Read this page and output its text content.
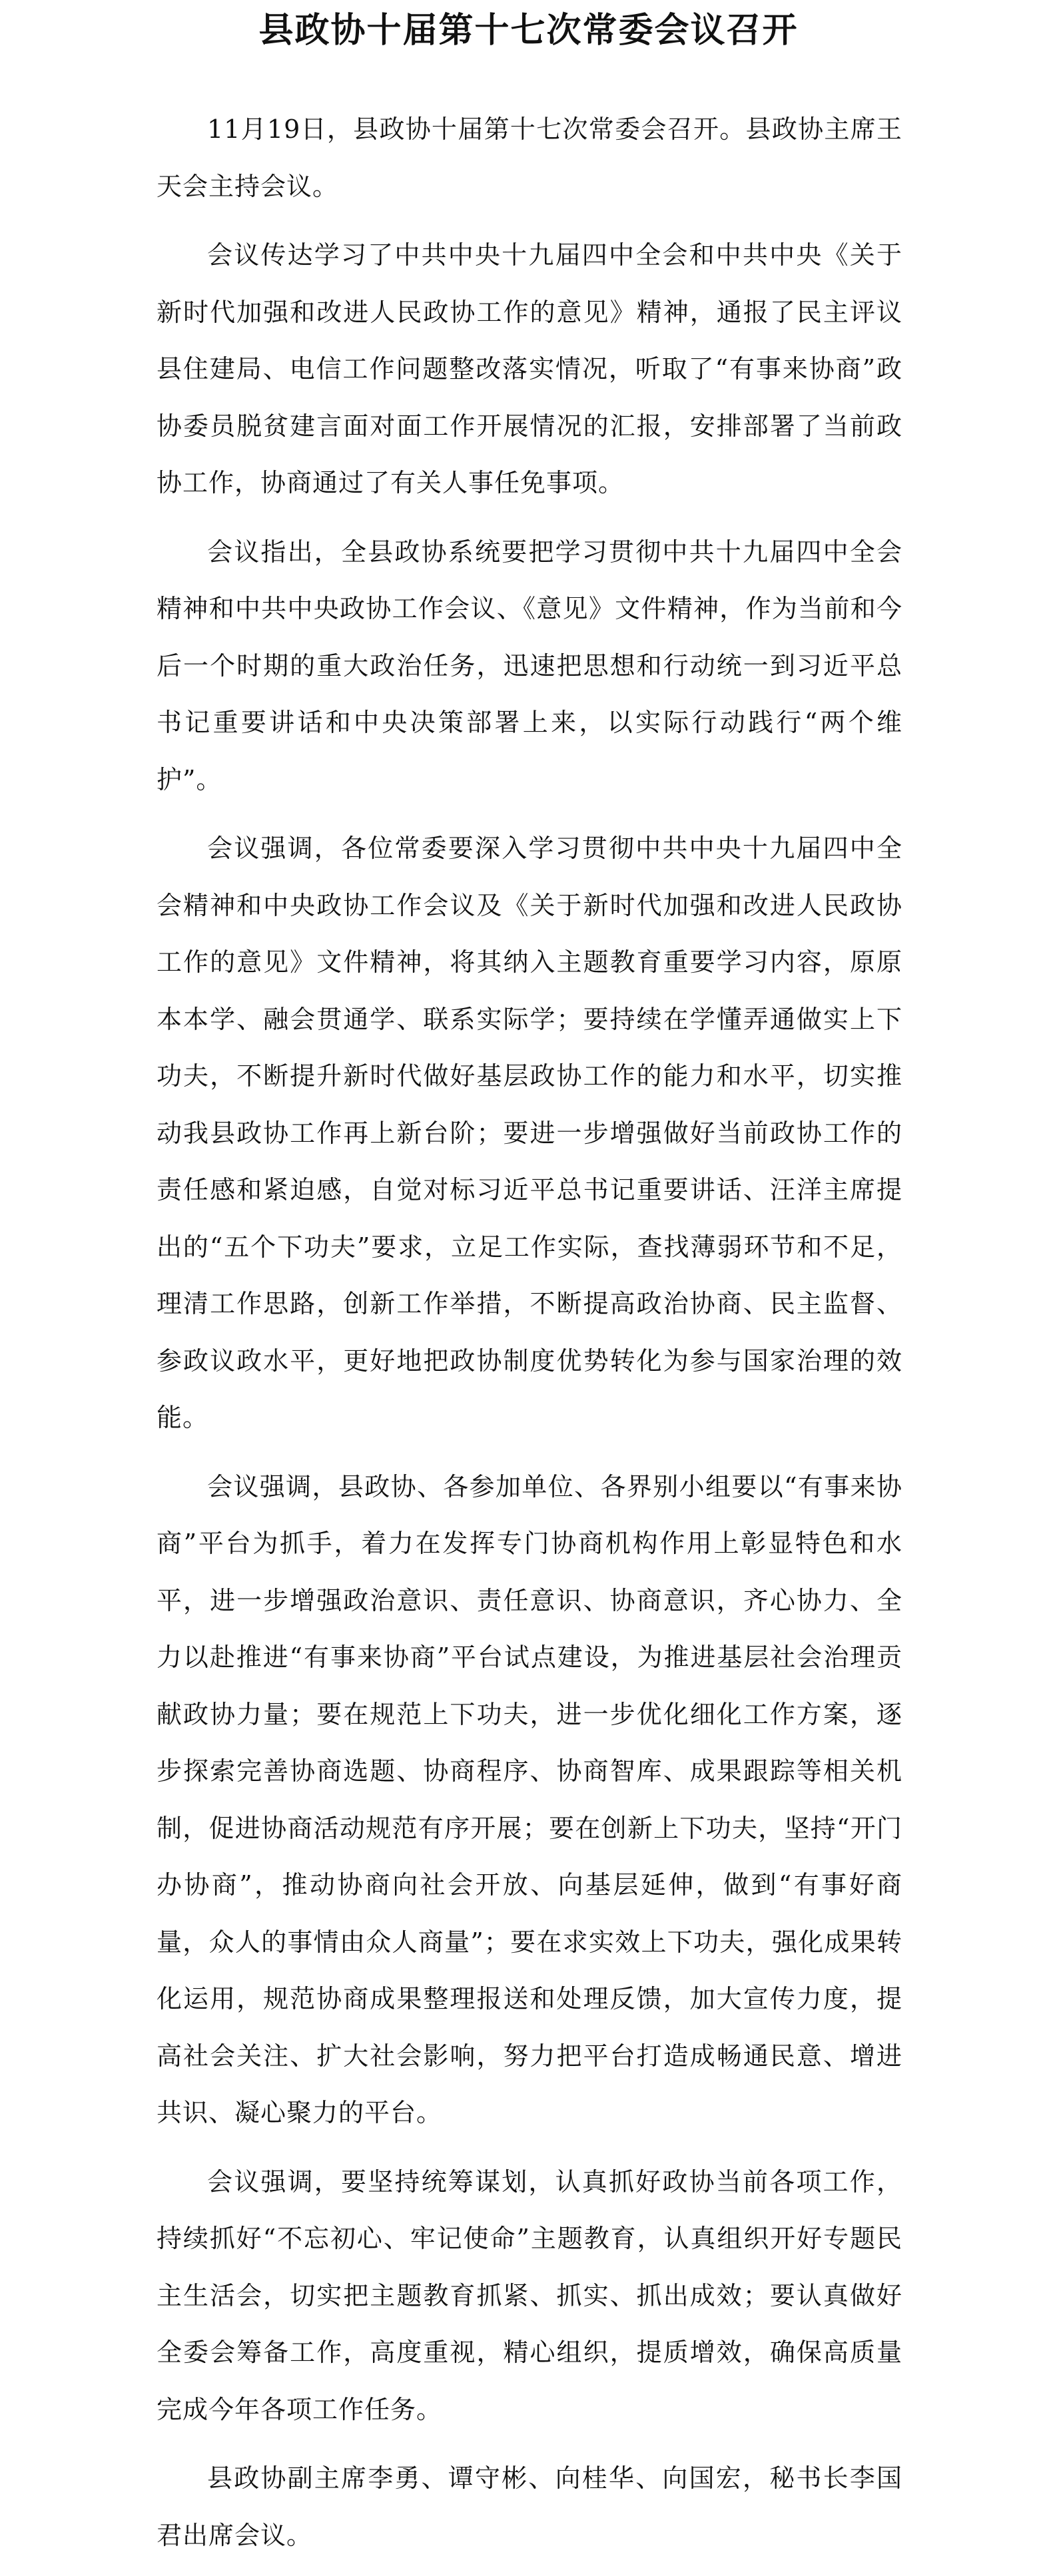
县政协十届第十七次常委会议召开

11月19日，县政协十届第十七次常委会召开。县政协主席王天会主持会议。

会议传达学习了中共中央十九届四中全会和中共中央《关于新时代加强和改进人民政协工作的意见》精神，通报了民主评议县住建局、电信工作问题整改落实情况，听取了“有事来协商”政协委员脱贫建言面对面工作开展情况的汇报，安排部署了当前政协工作，协商通过了有关人事任免事项。

会议指出，全县政协系统要把学习贯彻中共十九届四中全会精神和中共中央政协工作会议、《意见》文件精神，作为当前和今后一个时期的重大政治任务，迅速把思想和行动统一到习近平总书记重要讲话和中央决策部署上来，以实际行动践行“两个维护”。

会议强调，各位常委要深入学习贯彻中共中央十九届四中全会精神和中央政协工作会议及《关于新时代加强和改进人民政协工作的意见》文件精神，将其纳入主题教育重要学习内容，原原本本学、融会贯通学、联系实际学；要持续在学懂弄通做实上下功夫，不断提升新时代做好基层政协工作的能力和水平，切实推动我县政协工作再上新台阶；要进一步增强做好当前政协工作的责任感和紧迫感，自觉对标习近平总书记重要讲话、汪洋主席提出的“五个下功夫”要求，立足工作实际，查找薄弱环节和不足，理清工作思路，创新工作举措，不断提高政治协商、民主监督、参政议政水平，更好地把政协制度优势转化为参与国家治理的效能。

会议强调，县政协、各参加单位、各界别小组要以“有事来协商”平台为抓手，着力在发挥专门协商机构作用上彰显特色和水平，进一步增强政治意识、责任意识、协商意识，齐心协力、全力以赴推进“有事来协商”平台试点建设，为推进基层社会治理贡献政协力量；要在规范上下功夫，进一步优化细化工作方案，逐步探索完善协商选题、协商程序、协商智库、成果跟踪等相关机制，促进协商活动规范有序开展；要在创新上下功夫，坚持“开门办协商”，推动协商向社会开放、向基层延伸，做到“有事好商量，众人的事情由众人商量”；要在求实效上下功夫，强化成果转化运用，规范协商成果整理报送和处理反馈，加大宣传力度，提高社会关注、扩大社会影响，努力把平台打造成畅通民意、增进共识、凝心聚力的平台。

会议强调，要坚持统筹谋划，认真抓好政协当前各项工作，持续抓好“不忘初心、牢记使命”主题教育，认真组织开好专题民主生活会，切实把主题教育抓紧、抓实、抓出成效；要认真做好全委会筹备工作，高度重视，精心组织，提质增效，确保高质量完成今年各项工作任务。

县政协副主席李勇、谭守彬、向桂华、向国宏，秘书长李国君出席会议。
